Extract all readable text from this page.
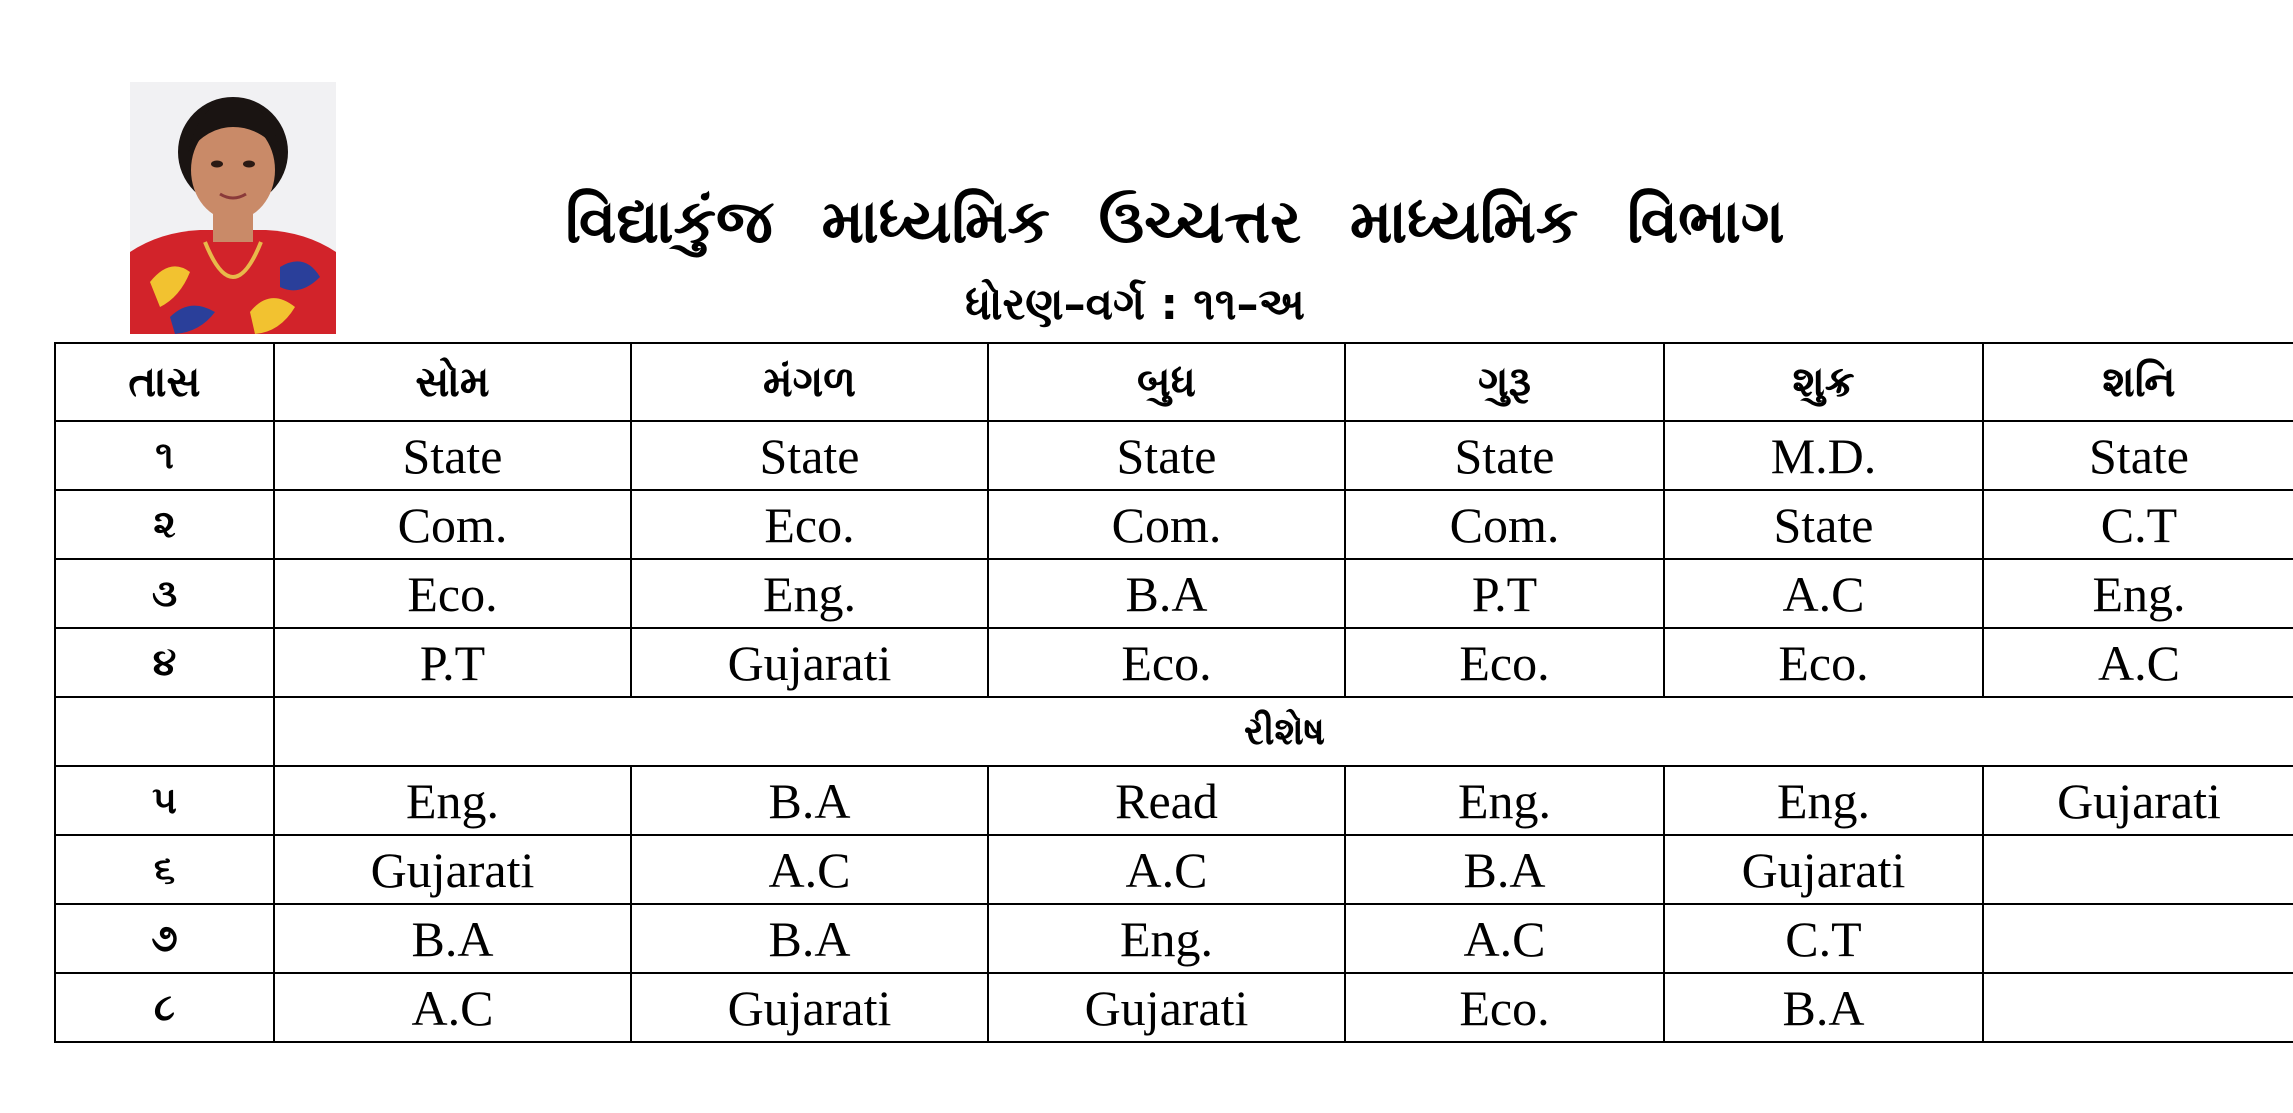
વિદ્યાકુંજ માધ્યમિક ઉચ્ચત્તર માધ્યમિક વિભાગ
ધોરણ–વર્ગ : ૧૧–અ
તાસ	સોમ	મંગળ	બુધ	ગુરૂ	શુક્ર	શનિ
૧	State	State	State	State	M.D.	State
૨	Com.	Eco.	Com.	Com.	State	C.T
૩	Eco.	Eng.	B.A	P.T	A.C	Eng.
૪	P.T	Gujarati	Eco.	Eco.	Eco.	A.C
	રીશેષ					
૫	Eng.	B.A	Read	Eng.	Eng.	Gujarati
૬	Gujarati	A.C	A.C	B.A	Gujarati	
૭	B.A	B.A	Eng.	A.C	C.T	
૮	A.C	Gujarati	Gujarati	Eco.	B.A	
